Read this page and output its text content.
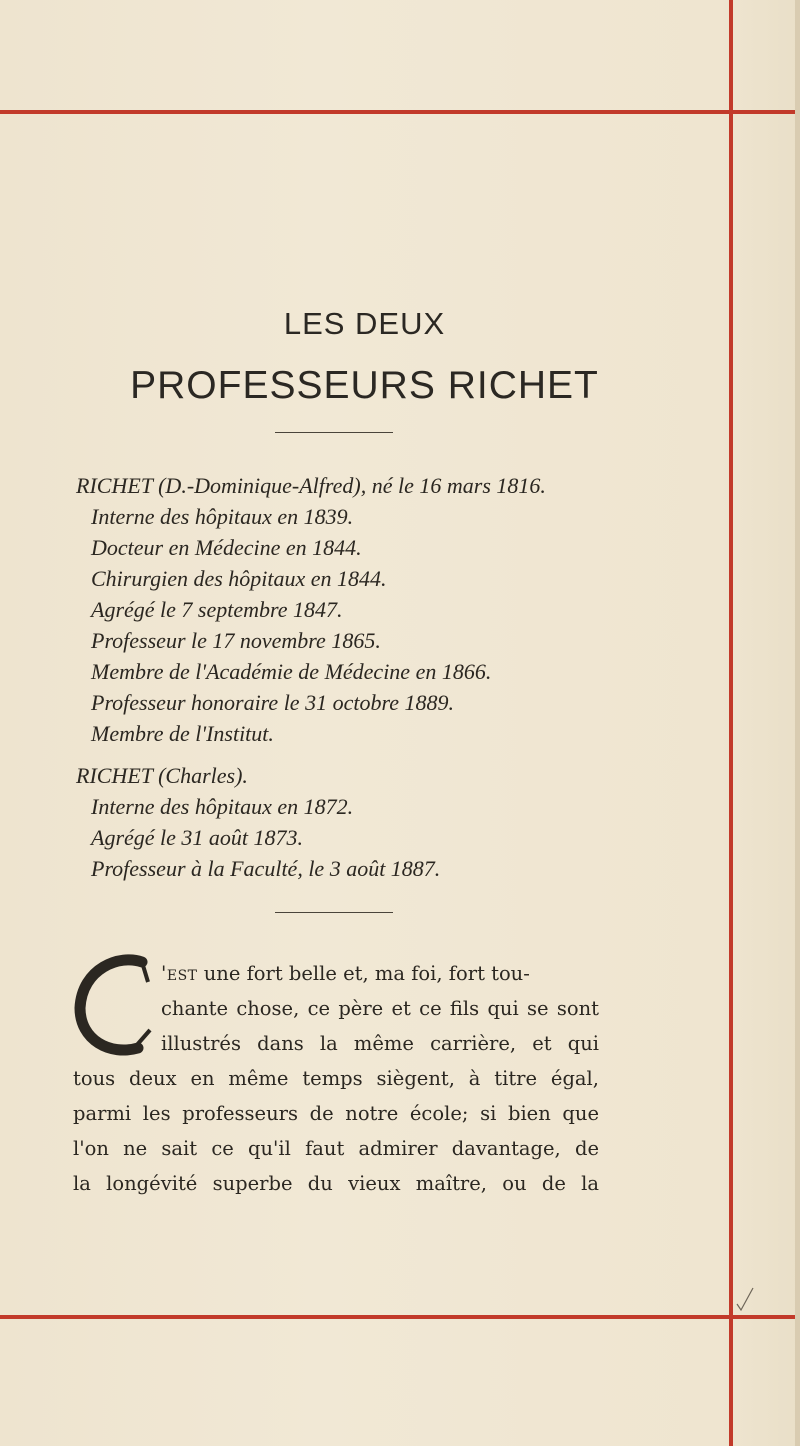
LES DEUX
PROFESSEURS RICHET
RICHET (D.-Dominique-Alfred), né le 16 mars 1816.
Interne des hôpitaux en 1839.
Docteur en Médecine en 1844.
Chirurgien des hôpitaux en 1844.
Agrégé le 7 septembre 1847.
Professeur le 17 novembre 1865.
Membre de l'Académie de Médecine en 1866.
Professeur honoraire le 31 octobre 1889.
Membre de l'Institut.
RICHET (Charles).
Interne des hôpitaux en 1872.
Agrégé le 31 août 1873.
Professeur à la Faculté, le 3 août 1887.
'est une fort belle et, ma foi, fort tou-
chante chose, ce père et ce fils qui se sont
illustrés dans la même carrière, et qui
tous deux en même temps siègent, à titre égal,
parmi les professeurs de notre école; si bien que
l'on ne sait ce qu'il faut admirer davantage, de
la longévité superbe du vieux maître, ou de la
